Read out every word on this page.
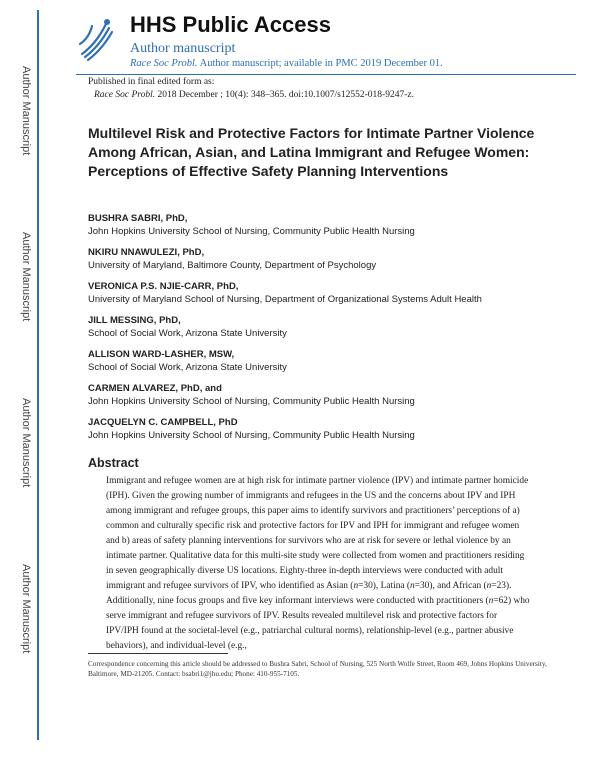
Author Manuscript
Author Manuscript
Author Manuscript
Author Manuscript
HHS Public Access
Author manuscript
Race Soc Probl. Author manuscript; available in PMC 2019 December 01.
Published in final edited form as:
Race Soc Probl. 2018 December ; 10(4): 348–365. doi:10.1007/s12552-018-9247-z.
Multilevel Risk and Protective Factors for Intimate Partner Violence Among African, Asian, and Latina Immigrant and Refugee Women: Perceptions of Effective Safety Planning Interventions
BUSHRA SABRI, PhD,
John Hopkins University School of Nursing, Community Public Health Nursing
NKIRU NNAWULEZI, PhD,
University of Maryland, Baltimore County, Department of Psychology
VERONICA P.S. NJIE-CARR, PhD,
University of Maryland School of Nursing, Department of Organizational Systems Adult Health
JILL MESSING, PhD,
School of Social Work, Arizona State University
ALLISON WARD-LASHER, MSW,
School of Social Work, Arizona State University
CARMEN ALVAREZ, PhD, and
John Hopkins University School of Nursing, Community Public Health Nursing
JACQUELYN C. CAMPBELL, PhD
John Hopkins University School of Nursing, Community Public Health Nursing
Abstract

Immigrant and refugee women are at high risk for intimate partner violence (IPV) and intimate partner homicide (IPH). Given the growing number of immigrants and refugees in the US and the concerns about IPV and IPH among immigrant and refugee groups, this paper aims to identify survivors and practitioners’ perceptions of a) common and culturally specific risk and protective factors for IPV and IPH for immigrant and refugee women and b) areas of safety planning interventions for survivors who are at risk for severe or lethal violence by an intimate partner. Qualitative data for this multi-site study were collected from women and practitioners residing in seven geographically diverse US locations. Eighty-three in-depth interviews were conducted with adult immigrant and refugee survivors of IPV, who identified as Asian (n=30), Latina (n=30), and African (n=23). Additionally, nine focus groups and five key informant interviews were conducted with practitioners (n=62) who serve immigrant and refugee survivors of IPV. Results revealed multilevel risk and protective factors for IPV/IPH found at the societal-level (e.g., patriarchal cultural norms), relationship-level (e.g., partner abusive behaviors), and individual-level (e.g.,

Correspondence concerning this article should be addressed to Bushra Sabri, School of Nursing, 525 North Wolfe Street, Room 469, Johns Hopkins University, Baltimore, MD-21205. Contact: bsabri1@jhu.edu; Phone: 410-955-7105.
